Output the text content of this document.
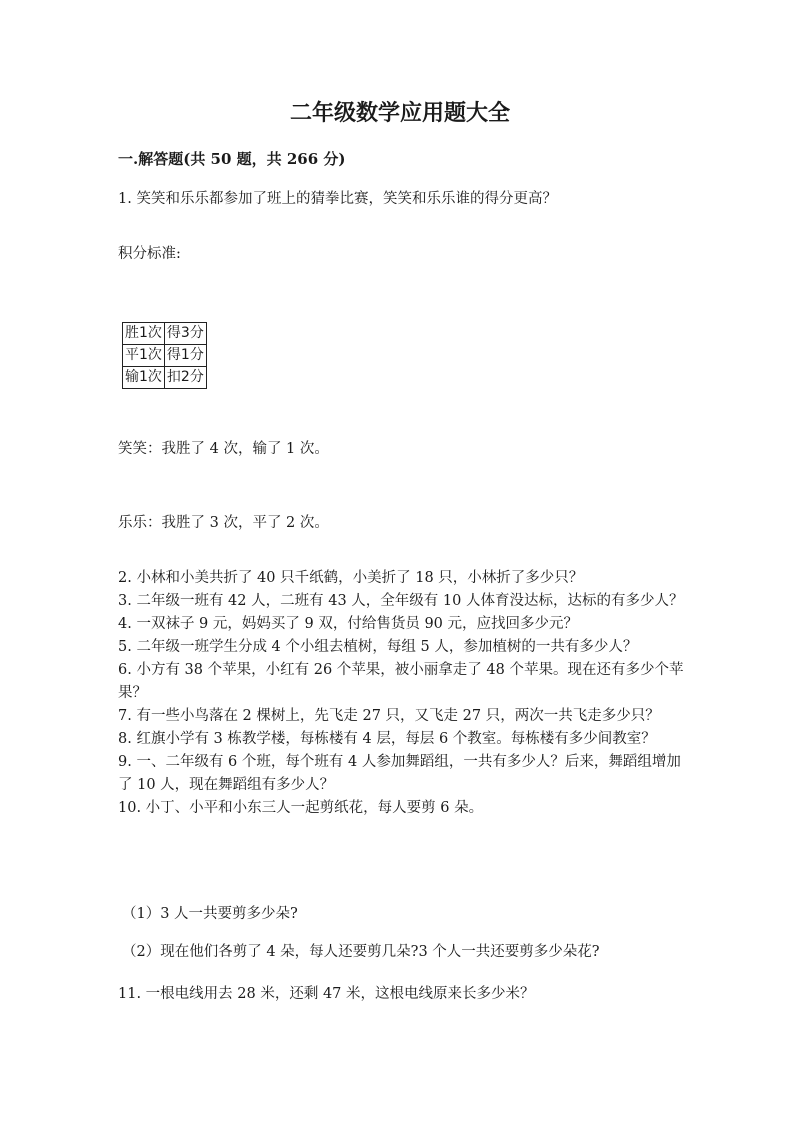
二年级数学应用题大全
一.解答题(共 50 题，共 266 分)
1. 笑笑和乐乐都参加了班上的猜拳比赛，笑笑和乐乐谁的得分更高？
积分标准:
胜1次	得3分
平1次	得1分
输1次	扣2分
笑笑：我胜了 4 次，输了 1 次。
乐乐：我胜了 3 次，平了 2 次。
2. 小林和小美共折了 40 只千纸鹤，小美折了 18 只，小林折了多少只？
3. 二年级一班有 42 人，二班有 43 人，全年级有 10 人体育没达标，达标的有多少人？
4. 一双袜子 9 元，妈妈买了 9 双，付给售货员 90 元，应找回多少元？
5. 二年级一班学生分成 4 个小组去植树，每组 5 人，参加植树的一共有多少人？
6. 小方有 38 个苹果，小红有 26 个苹果，被小丽拿走了 48 个苹果。现在还有多少个苹果？
7. 有一些小鸟落在 2 棵树上，先飞走 27 只，又飞走 27 只，两次一共飞走多少只？
8. 红旗小学有 3 栋教学楼，每栋楼有 4 层，每层 6 个教室。每栋楼有多少间教室？
9. 一、二年级有 6 个班，每个班有 4 人参加舞蹈组，一共有多少人？后来，舞蹈组增加了 10 人，现在舞蹈组有多少人？
10. 小丁、小平和小东三人一起剪纸花，每人要剪 6 朵。
（1）3 人一共要剪多少朵?
（2）现在他们各剪了 4 朵，每人还要剪几朵?3 个人一共还要剪多少朵花?
11. 一根电线用去 28 米，还剩 47 米，这根电线原来长多少米？
